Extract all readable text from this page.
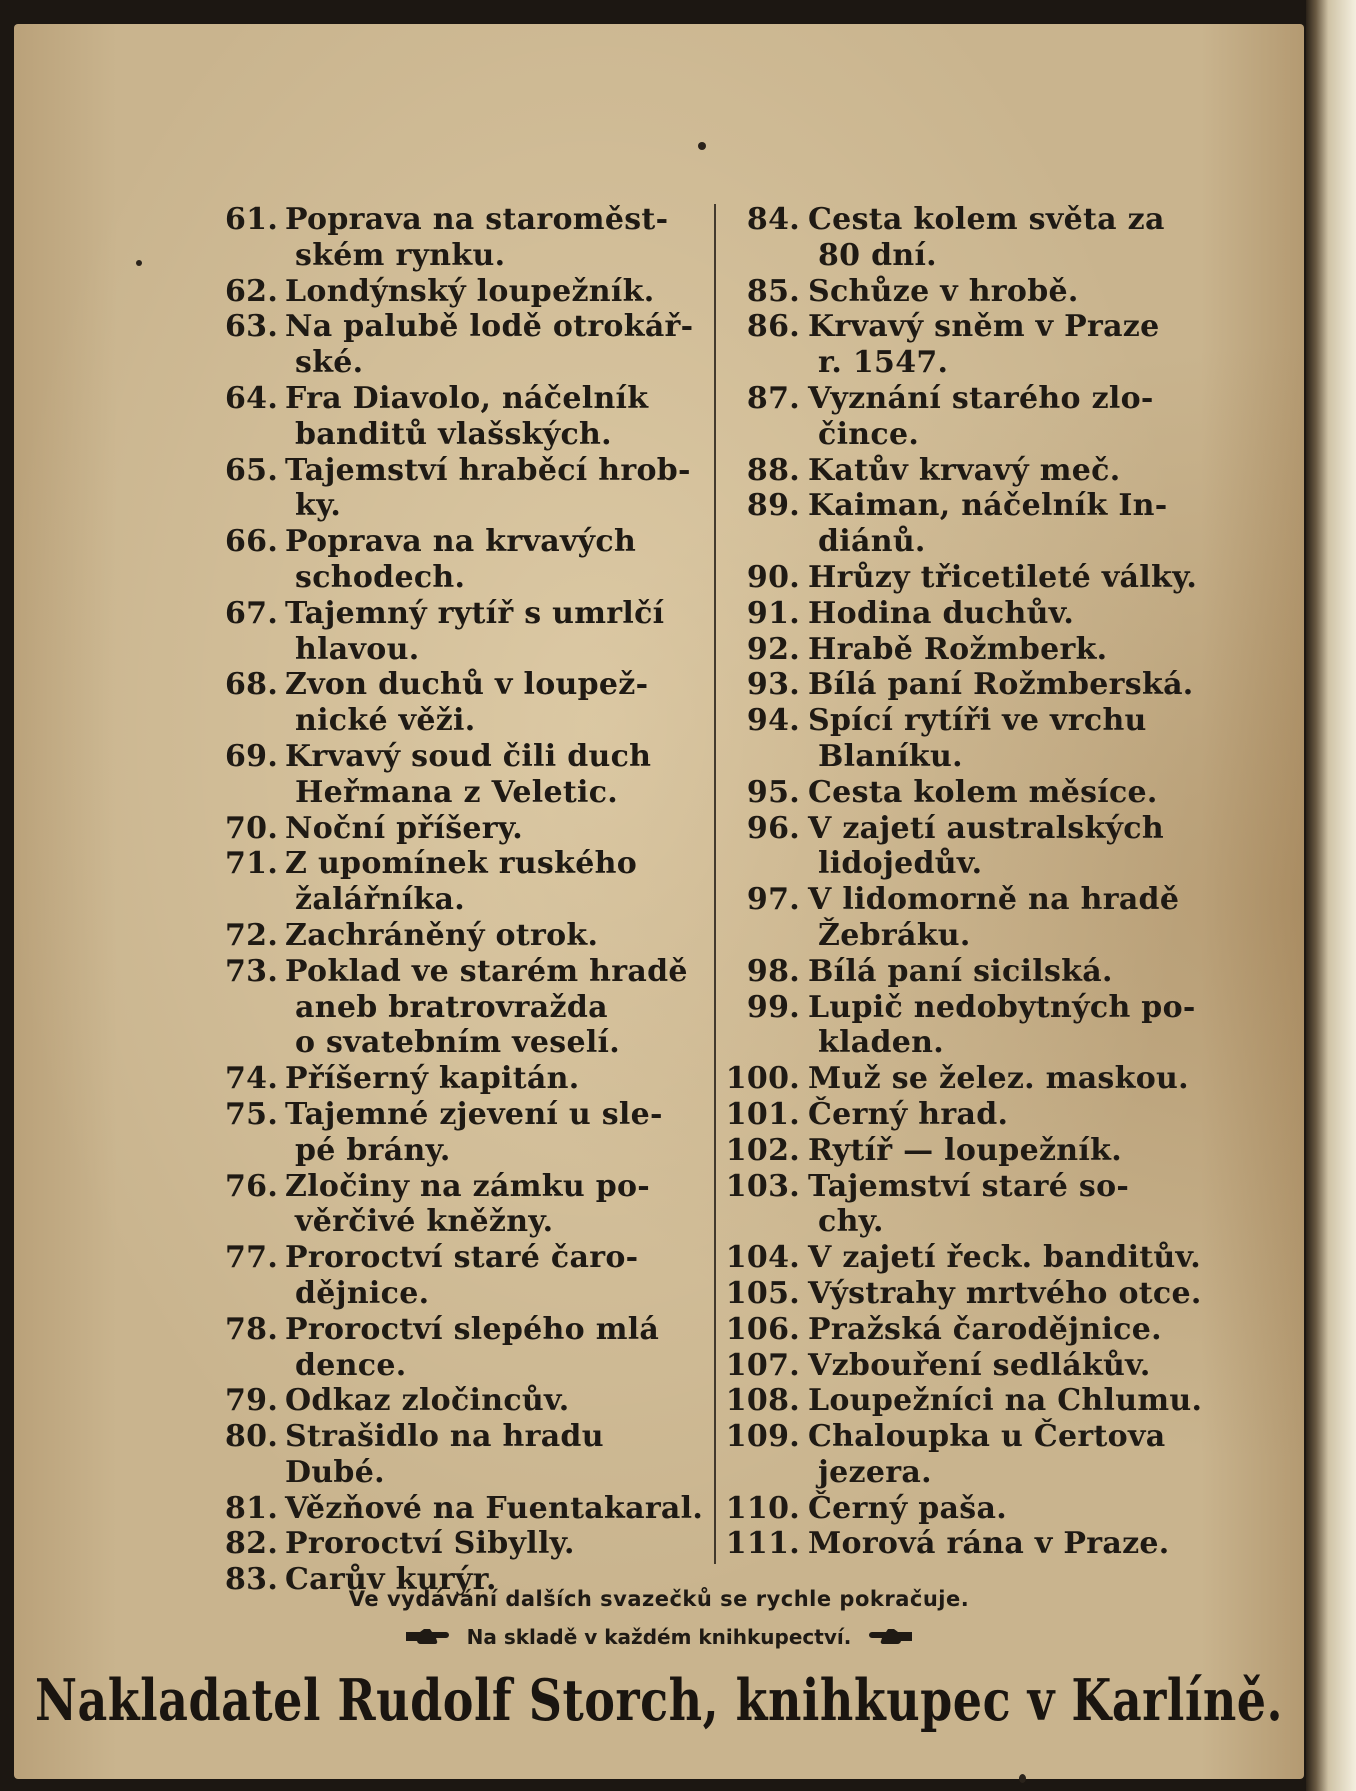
61. Poprava na staroměst-
ském rynku.
62. Londýnský loupežník.
63. Na palubě lodě otrokář-
ské.
64. Fra Diavolo, náčelník
banditů vlašských.
65. Tajemství hraběcí hrob-
ky.
66. Poprava na krvavých
schodech.
67. Tajemný rytíř s umrlčí
hlavou.
68. Zvon duchů v loupež-
nické věži.
69. Krvavý soud čili duch
Heřmana z Veletic.
70. Noční příšery.
71. Z upomínek ruského
žalářníka.
72. Zachráněný otrok.
73. Poklad ve starém hradě
aneb bratrovražda
o svatebním veselí.
74. Příšerný kapitán.
75. Tajemné zjevení u sle-
pé brány.
76. Zločiny na zámku po-
věrčivé kněžny.
77. Proroctví staré čaro-
dějnice.
78. Proroctví slepého mlá
dence.
79. Odkaz zločincův.
80. Strašidlo na hradu Dubé.
81. Vězňové na Fuentakaral.
82. Proroctví Sibylly.
83. Carův kurýr.
84. Cesta kolem světa za
80 dní.
85. Schůze v hrobě.
86. Krvavý sněm v Praze
r. 1547.
87. Vyznání starého zlo-
čince.
88. Katův krvavý meč.
89. Kaiman, náčelník In-
diánů.
90. Hrůzy třicetileté války.
91. Hodina duchův.
92. Hrabě Rožmberk.
93. Bílá paní Rožmberská.
94. Spící rytíři ve vrchu
Blaníku.
95. Cesta kolem měsíce.
96. V zajetí australských
lidojedův.
97. V lidomorně na hradě
Žebráku.
98. Bílá paní sicilská.
99. Lupič nedobytných po-
kladen.
100. Muž se želez. maskou.
101. Černý hrad.
102. Rytíř — loupežník.
103. Tajemství staré so-
chy.
104. V zajetí řeck. banditův.
105. Výstrahy mrtvého otce.
106. Pražská čarodějnice.
107. Vzbouření sedlákův.
108. Loupežníci na Chlumu.
109. Chaloupka u Čertova
jezera.
110. Černý paša.
111. Morová rána v Praze.
Ve vydávání dalších svazečků se rychle pokračuje.
Na skladě v každém knihkupectví.
Nakladatel Rudolf Storch, knihkupec v Karlíně.
